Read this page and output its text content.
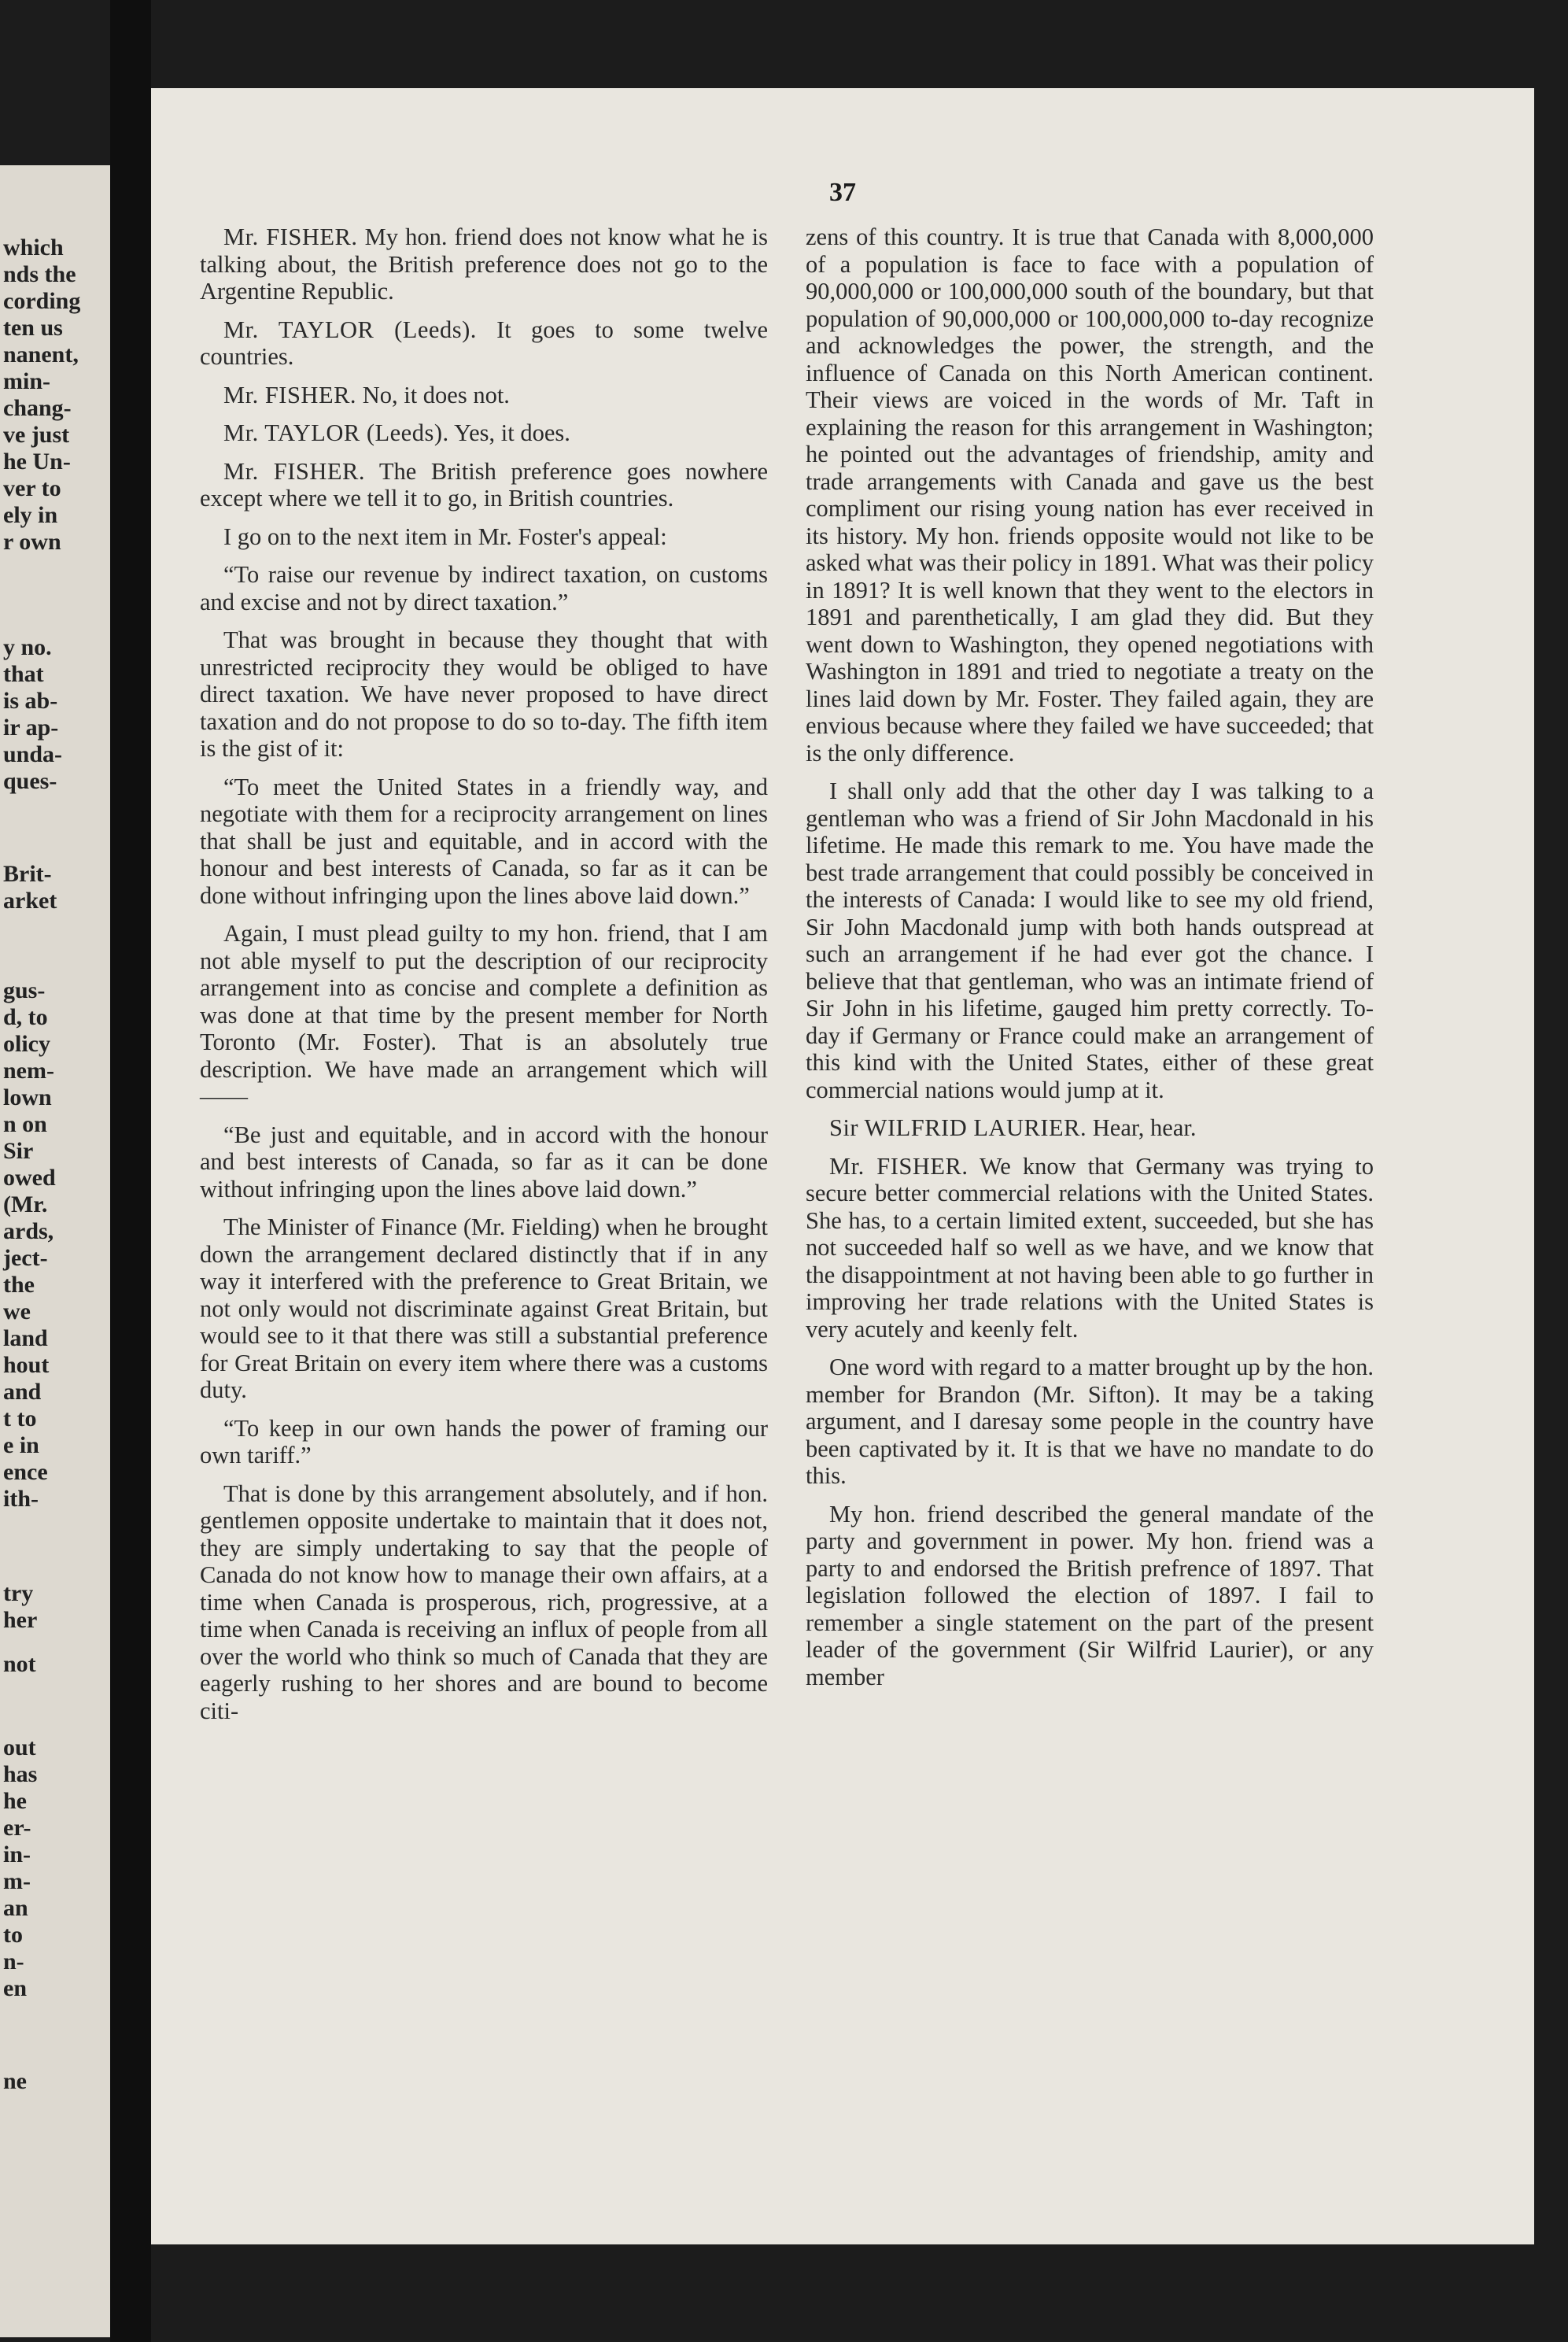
which
nds the
cording
ten us
nanent,
min-
chang-
ve just
he Un-
ver to
ely in
r own
y no.
that
is ab-
ir ap-
unda-
ques-
Brit-
arket
gus-
d, to
olicy
nem-
lown
n on
Sir
owed
(Mr.
ards,
ject-
the
we
land
hout
and
t to
e in
ence
ith-
try
her
not
out
has
he
er-
in-
m-
an
to
n-
en
ne
37

Mr. FISHER. My hon. friend does not know what he is talking about, the British preference does not go to the Argentine Republic.

Mr. TAYLOR (Leeds). It goes to some twelve countries.

Mr. FISHER. No, it does not.

Mr. TAYLOR (Leeds). Yes, it does.

Mr. FISHER. The British preference goes nowhere except where we tell it to go, in British countries.

I go on to the next item in Mr. Foster's appeal:

“To raise our revenue by indirect taxation, on customs and excise and not by direct taxation.”

That was brought in because they thought that with unrestricted reciprocity they would be obliged to have direct taxation. We have never proposed to have direct taxation and do not propose to do so to-day. The fifth item is the gist of it:

“To meet the United States in a friendly way, and negotiate with them for a reciprocity arrangement on lines that shall be just and equitable, and in accord with the honour and best interests of Canada, so far as it can be done without infringing upon the lines above laid down.”

Again, I must plead guilty to my hon. friend, that I am not able myself to put the description of our reciprocity arrangement into as concise and complete a definition as was done at that time by the present member for North Toronto (Mr. Foster). That is an absolutely true description. We have made an arrangement which will——

“Be just and equitable, and in accord with the honour and best interests of Canada, so far as it can be done without infringing upon the lines above laid down.”

The Minister of Finance (Mr. Fielding) when he brought down the arrangement declared distinctly that if in any way it interfered with the preference to Great Britain, we not only would not discriminate against Great Britain, but would see to it that there was still a substantial preference for Great Britain on every item where there was a customs duty.

“To keep in our own hands the power of framing our own tariff.”

That is done by this arrangement absolutely, and if hon. gentlemen opposite undertake to maintain that it does not, they are simply undertaking to say that the people of Canada do not know how to manage their own affairs, at a time when Canada is prosperous, rich, progressive, at a time when Canada is receiving an influx of people from all over the world who think so much of Canada that they are eagerly rushing to her shores and are bound to become citi-

zens of this country. It is true that Canada with 8,000,000 of a population is face to face with a population of 90,000,000 or 100,000,000 south of the boundary, but that population of 90,000,000 or 100,000,000 to-day recognize and acknowledges the power, the strength, and the influence of Canada on this North American continent. Their views are voiced in the words of Mr. Taft in explaining the reason for this arrangement in Washington; he pointed out the advantages of friendship, amity and trade arrangements with Canada and gave us the best compliment our rising young nation has ever received in its history. My hon. friends opposite would not like to be asked what was their policy in 1891. What was their policy in 1891? It is well known that they went to the electors in 1891 and parenthetically, I am glad they did. But they went down to Washington, they opened negotiations with Washington in 1891 and tried to negotiate a treaty on the lines laid down by Mr. Foster. They failed again, they are envious because where they failed we have succeeded; that is the only difference.

I shall only add that the other day I was talking to a gentleman who was a friend of Sir John Macdonald in his lifetime. He made this remark to me. You have made the best trade arrangement that could possibly be conceived in the interests of Canada: I would like to see my old friend, Sir John Macdonald jump with both hands outspread at such an arrangement if he had ever got the chance. I believe that that gentleman, who was an intimate friend of Sir John in his lifetime, gauged him pretty correctly. To-day if Germany or France could make an arrangement of this kind with the United States, either of these great commercial nations would jump at it.

Sir WILFRID LAURIER. Hear, hear.

Mr. FISHER. We know that Germany was trying to secure better commercial relations with the United States. She has, to a certain limited extent, succeeded, but she has not succeeded half so well as we have, and we know that the disappointment at not having been able to go further in improving her trade relations with the United States is very acutely and keenly felt.

One word with regard to a matter brought up by the hon. member for Brandon (Mr. Sifton). It may be a taking argument, and I daresay some people in the country have been captivated by it. It is that we have no mandate to do this.

My hon. friend described the general mandate of the party and government in power. My hon. friend was a party to and endorsed the British prefrence of 1897. That legislation followed the election of 1897. I fail to remember a single statement on the part of the present leader of the government (Sir Wilfrid Laurier), or any member
